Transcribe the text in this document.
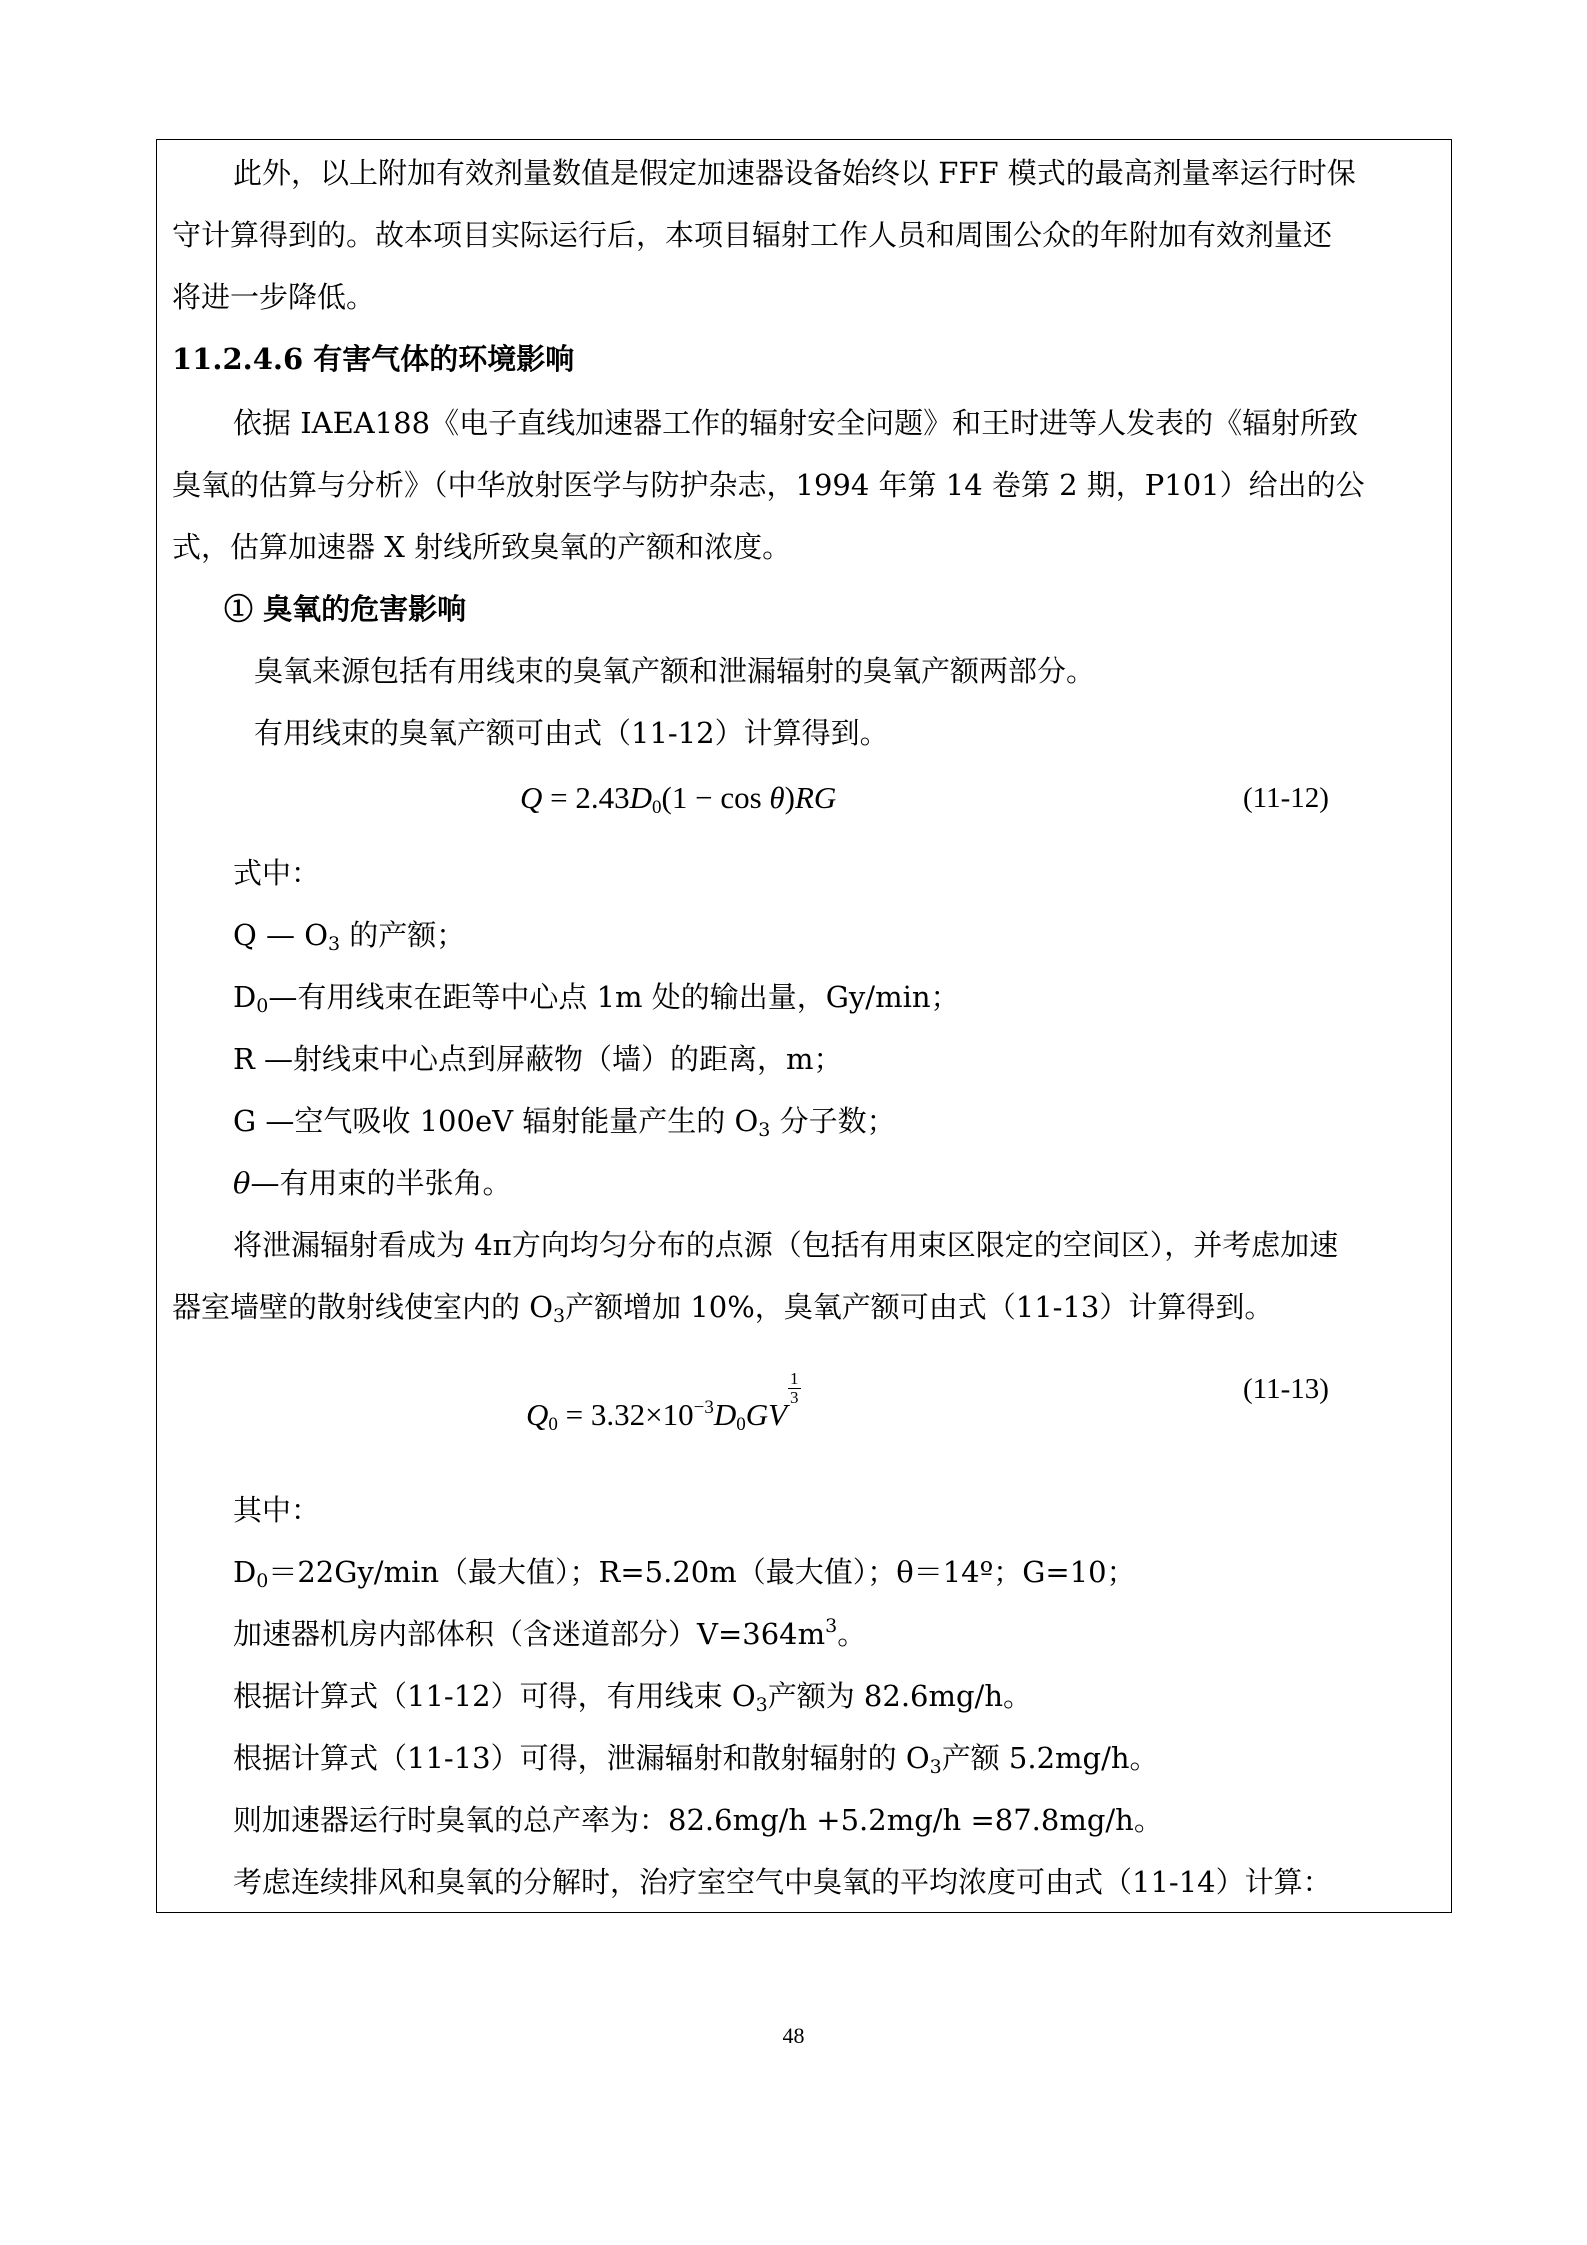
此外，以上附加有效剂量数值是假定加速器设备始终以 FFF 模式的最高剂量率运行时保
守计算得到的。故本项目实际运行后，本项目辐射工作人员和周围公众的年附加有效剂量还
将进一步降低。
11.2.4.6 有害气体的环境影响
依据 IAEA188《电子直线加速器工作的辐射安全问题》和王时进等人发表的《辐射所致
臭氧的估算与分析》（中华放射医学与防护杂志，1994 年第 14 卷第 2 期，P101）给出的公
式，估算加速器 X 射线所致臭氧的产额和浓度。
① 臭氧的危害影响
臭氧来源包括有用线束的臭氧产额和泄漏辐射的臭氧产额两部分。
有用线束的臭氧产额可由式（11-12）计算得到。
$Q = 2.43D_0(1 - \cos \theta)RG$	(11-12)
式中：
Q — $O_3$ 的产额；
$D_0—$有用线束在距等中心点 1m 处的输出量，Gy/min；
R —射线束中心点到屏蔽物（墙）的距离，m；
G —空气吸收 100eV 辐射能量产生的 $O_3$ 分子数；
θ—有用束的半张角。
将泄漏辐射看成为 4π方向均匀分布的点源（包括有用束区限定的空间区），并考虑加速
器室墙壁的散射线使室内的 $O_3$产额增加 10%，臭氧产额可由式（11-13）计算得到。
$Q_0 = 3.32\times 10^{-3}D_0GV$
$\frac{1}{3}$	(11-13)
其中：
$D_0=22Gy/\min$（最大值）；R=5.20m（最大值）；θ＝14º；G=10；
加速器机房内部体积（含迷道部分）$V=364m^3$。
根据计算式（11-12）可得，有用线束 $O_3$产额为 82.6mg/h。
根据计算式（11-13）可得，泄漏辐射和散射辐射的 $O_3$产额 5.2mg/h。
则加速器运行时臭氧的总产率为：82.6mg/h +5.2mg/h =87.8mg/h。
考虑连续排风和臭氧的分解时，治疗室空气中臭氧的平均浓度可由式（11-14）计算：
48
